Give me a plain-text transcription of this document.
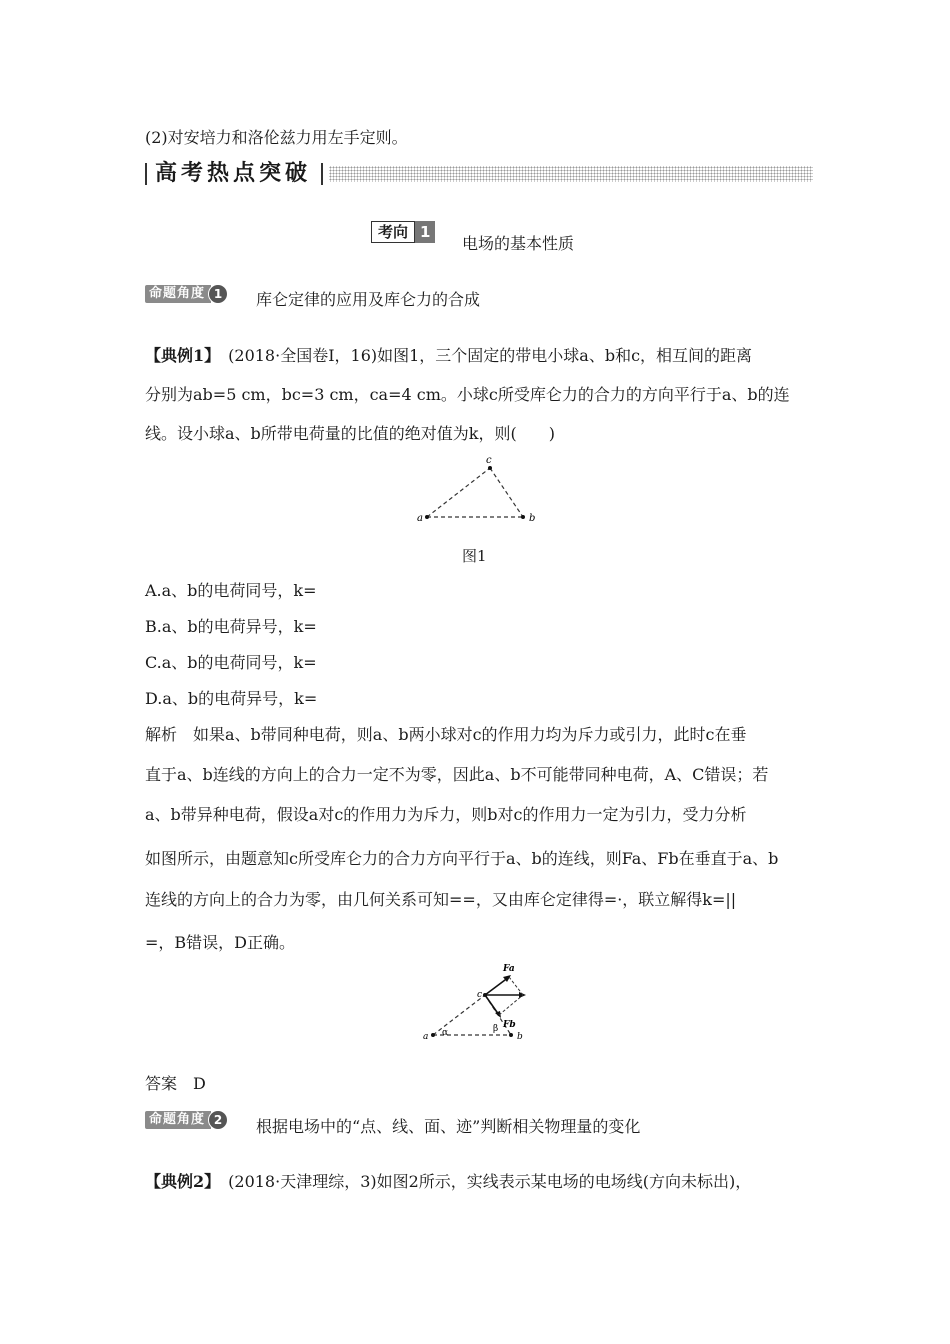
(2)对安培力和洛伦兹力用左手定则。
高考热点突破
考向 1
电场的基本性质
命题角度 1	库仑定律的应用及库仑力的合成
【典例1】 (2018·全国卷Ⅰ，16)如图1，三个固定的带电小球a、b和c，相互间的距离
分别为ab=5 cm，bc=3 cm，ca=4 cm。小球c所受库仑力的合力的方向平行于a、b的连
线。设小球a、b所带电荷量的比值的绝对值为k，则(　　)
a	b
c
图1
A.a、b的电荷同号，k=
B.a、b的电荷异号，k=
C.a、b的电荷同号，k=
D.a、b的电荷异号，k=
解析　如果a、b带同种电荷，则a、b两小球对c的作用力均为斥力或引力，此时c在垂
直于a、b连线的方向上的合力一定不为零，因此a、b不可能带同种电荷，A、C错误；若
a、b带异种电荷，假设a对c的作用力为斥力，则b对c的作用力一定为引力，受力分析
如图所示，由题意知c所受库仑力的合力方向平行于a、b的连线，则Fa、Fb在垂直于a、b
连线的方向上的合力为零，由几何关系可知==，又由库仑定律得=·，联立解得k=||
=，B错误，D正确。
a	b
c
Fa
Fb
α	β
答案　D
命题角度 2	根据电场中的“点、线、面、迹”判断相关物理量的变化
【典例2】 (2018·天津理综，3)如图2所示，实线表示某电场的电场线(方向未标出)，
